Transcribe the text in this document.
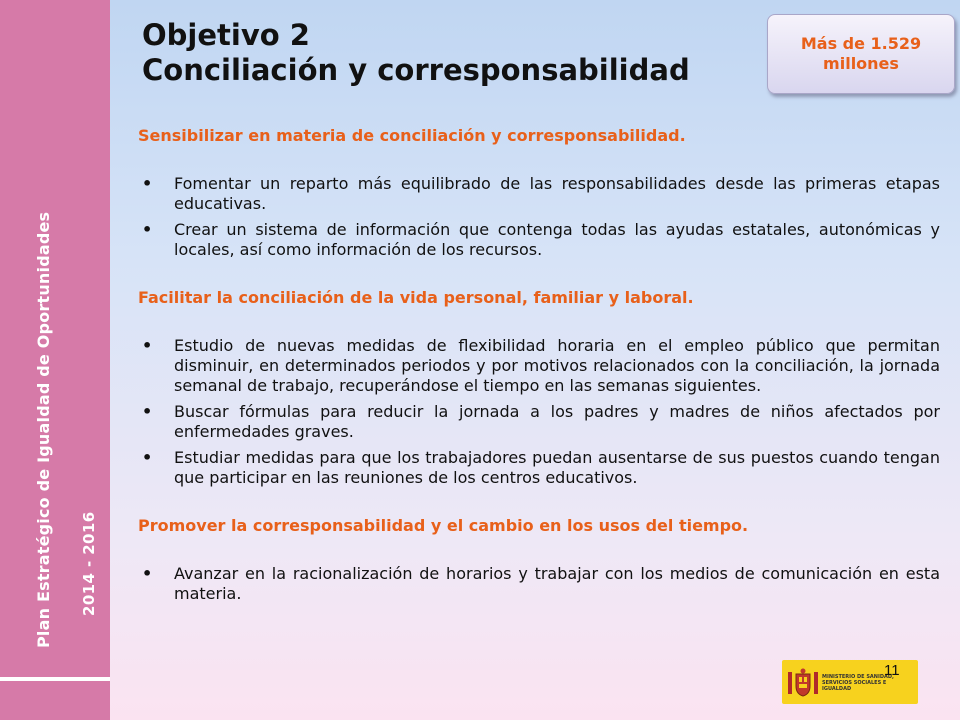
Plan Estratégico de Igualdad de Oportunidades 2014 - 2016
Objetivo 2
Conciliación y corresponsabilidad
Más de 1.529 millones

Sensibilizar en materia de conciliación y corresponsabilidad.

• Fomentar un reparto más equilibrado de las responsabilidades desde las primeras etapas educativas.
• Crear un sistema de información que contenga todas las ayudas estatales, autonómicas y locales, así como información de los recursos.

Facilitar la conciliación de la vida personal, familiar y laboral.

• Estudio de nuevas medidas de flexibilidad horaria en el empleo público que permitan disminuir, en determinados periodos y por motivos relacionados con la conciliación, la jornada semanal de trabajo, recuperándose el tiempo en las semanas siguientes.
• Buscar fórmulas para reducir la jornada a los padres y madres de niños afectados por enfermedades graves.
• Estudiar medidas para que los trabajadores puedan ausentarse de sus puestos cuando tengan que participar en las reuniones de los centros educativos.

Promover la corresponsabilidad y el cambio en los usos del tiempo.

• Avanzar en la racionalización de horarios y trabajar con los medios de comunicación en esta materia.
MINISTERIO DE SANIDAD, SERVICIOS SOCIALES E IGUALDAD
11
